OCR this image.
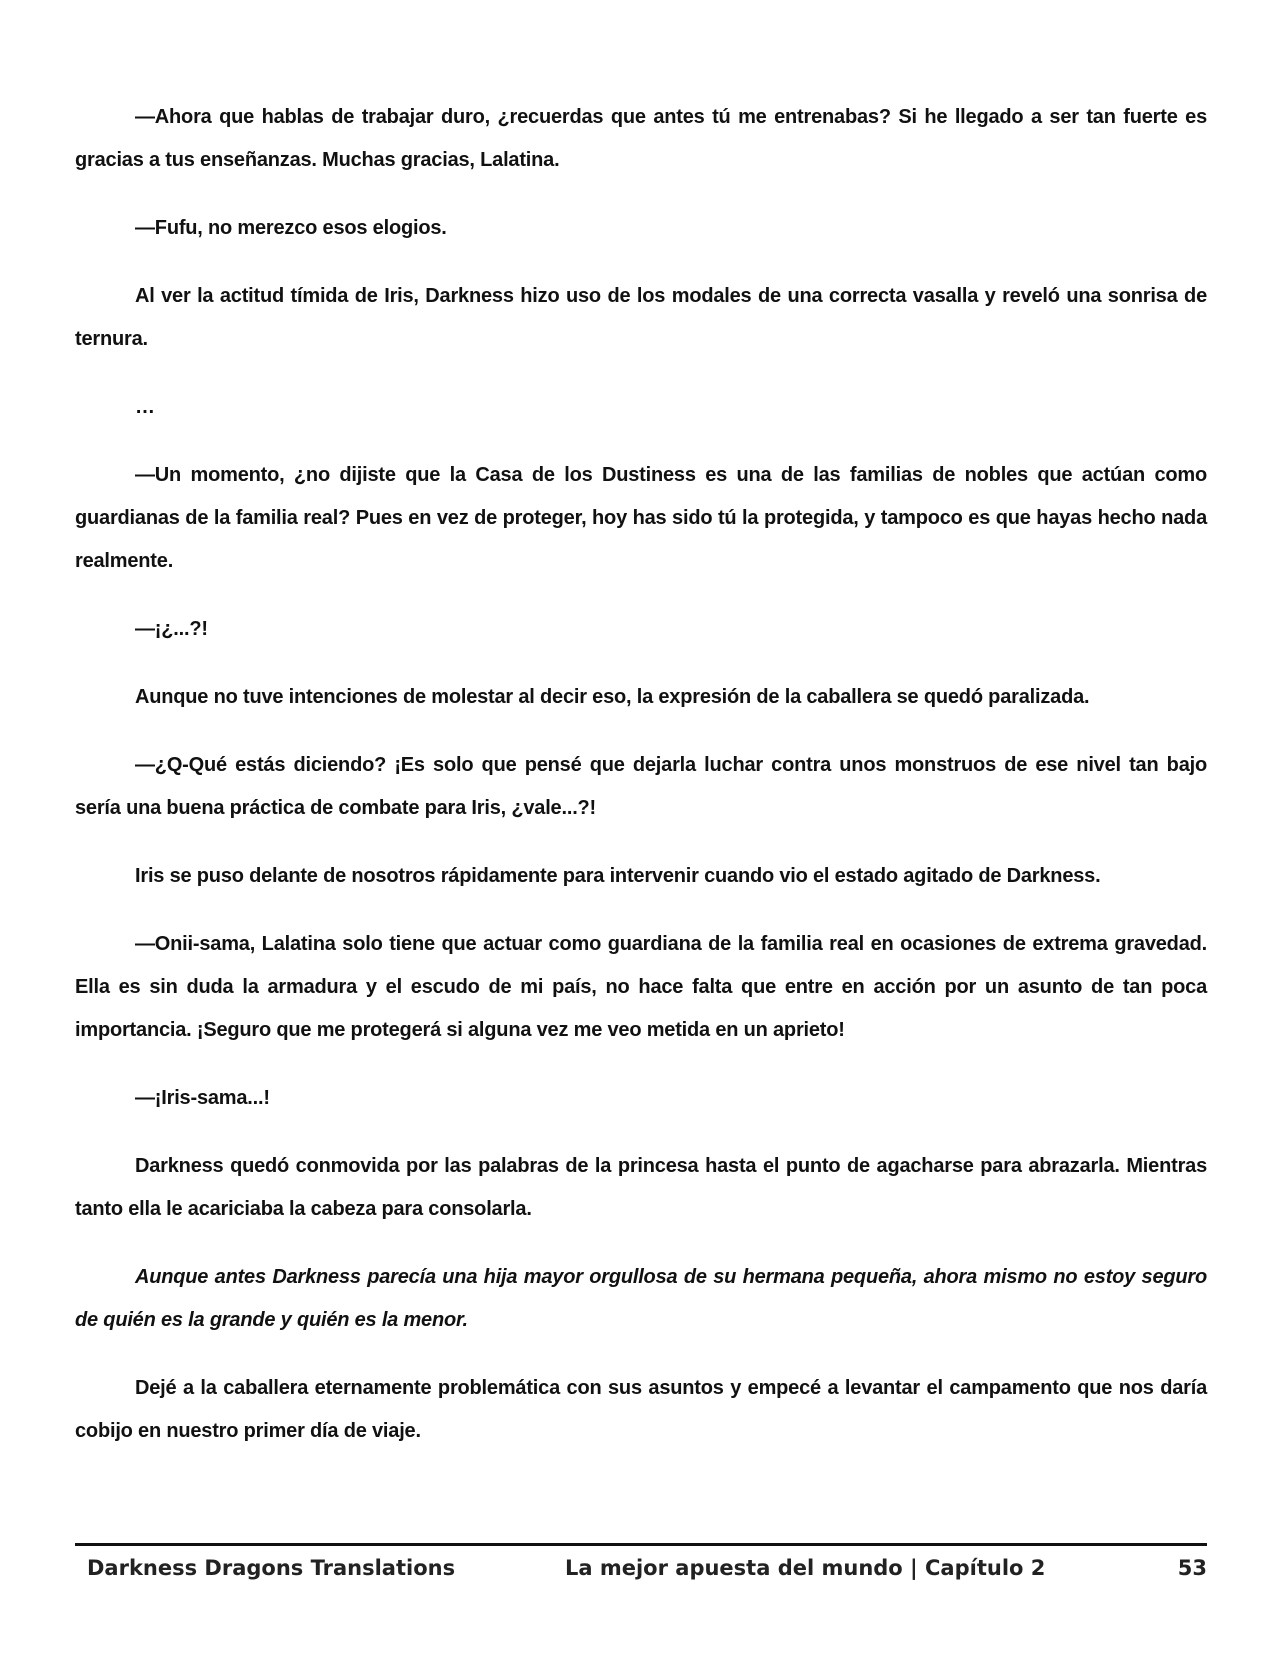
—Ahora que hablas de trabajar duro, ¿recuerdas que antes tú me entrenabas? Si he llegado a ser tan fuerte es gracias a tus enseñanzas. Muchas gracias, Lalatina.

—Fufu, no merezco esos elogios.

Al ver la actitud tímida de Iris, Darkness hizo uso de los modales de una correcta vasalla y reveló una sonrisa de ternura.

…

—Un momento, ¿no dijiste que la Casa de los Dustiness es una de las familias de nobles que actúan como guardianas de la familia real? Pues en vez de proteger, hoy has sido tú la protegida, y tampoco es que hayas hecho nada realmente.

—¡¿...?!

Aunque no tuve intenciones de molestar al decir eso, la expresión de la caballera se quedó paralizada.

—¿Q-Qué estás diciendo? ¡Es solo que pensé que dejarla luchar contra unos monstruos de ese nivel tan bajo sería una buena práctica de combate para Iris, ¿vale...?!

Iris se puso delante de nosotros rápidamente para intervenir cuando vio el estado agitado de Darkness.

—Onii-sama, Lalatina solo tiene que actuar como guardiana de la familia real en ocasiones de extrema gravedad. Ella es sin duda la armadura y el escudo de mi país, no hace falta que entre en acción por un asunto de tan poca importancia. ¡Seguro que me protegerá si alguna vez me veo metida en un aprieto!

—¡Iris-sama...!

Darkness quedó conmovida por las palabras de la princesa hasta el punto de agacharse para abrazarla. Mientras tanto ella le acariciaba la cabeza para consolarla.

Aunque antes Darkness parecía una hija mayor orgullosa de su hermana pequeña, ahora mismo no estoy seguro de quién es la grande y quién es la menor.

Dejé a la caballera eternamente problemática con sus asuntos y empecé a levantar el campamento que nos daría cobijo en nuestro primer día de viaje.

Darkness Dragons Translations	La mejor apuesta del mundo | Capítulo 2	53
